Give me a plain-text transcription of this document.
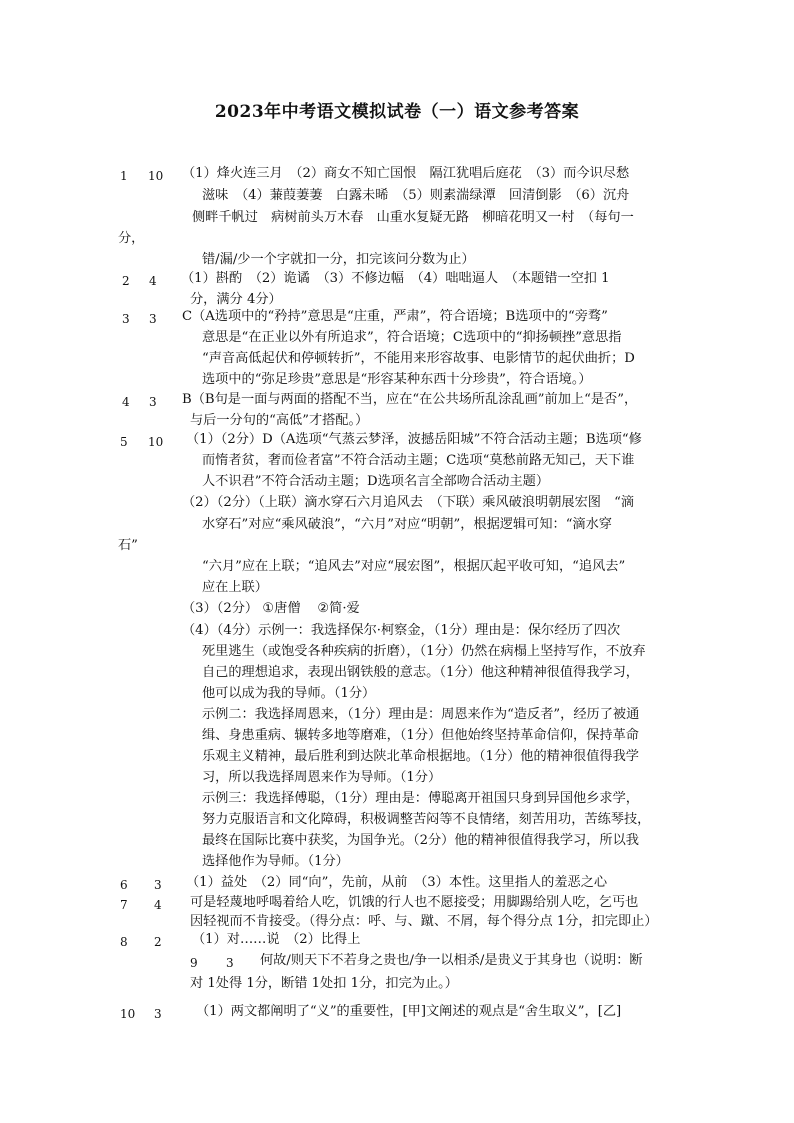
2023年中考语文模拟试卷（一）语文参考答案
1 10 （1）烽火连三月　（2）商女不知亡国恨　隔江犹唱后庭花　（3）而今识尽愁
滋味　（4）蒹葭萋萋　白露未晞　（5）则素湍绿潭　回清倒影　（6）沉舟
侧畔千帆过　病树前头万木春　山重水复疑无路　柳暗花明又一村　（每句一
分，
错/漏/少一个字就扣一分，扣完该问分数为止）
2 4 （1）斟酌　（2）诡谲　（3）不修边幅　（4）咄咄逼人　（本题错一空扣 1
分，满分 4分）
3 3 C（A选项中的“矜持”意思是“庄重，严肃”，符合语境；B选项中的“旁骛”
意思是“在正业以外有所追求”，符合语境；C选项中的“抑扬顿挫”意思指
“声音高低起伏和停顿转折”，不能用来形容故事、电影情节的起伏曲折；D
选项中的“弥足珍贵”意思是“形容某种东西十分珍贵”，符合语境。）
4 3 B（B句是一面与两面的搭配不当，应在“在公共场所乱涂乱画”前加上“是否”，
与后一分句的“高低”才搭配。）
5 10 （1）（2分）D（A选项“气蒸云梦泽，波撼岳阳城”不符合活动主题；B选项“修
而惰者贫，奢而俭者富”不符合活动主题；C选项“莫愁前路无知己，天下谁
人不识君”不符合活动主题；D选项名言全部吻合活动主题）
（2）（2分）（上联）滴水穿石六月追风去　（下联）乘风破浪明朝展宏图　“滴
水穿石”对应“乘风破浪”，“六月”对应“明朝”，根据逻辑可知：“滴水穿
石”
“六月”应在上联；“追风去”对应“展宏图”，根据仄起平收可知，“追风去”
应在上联）
（3）（2分） ①唐僧 ②简·爱
（4）（4分）示例一：我选择保尔·柯察金，（1分）理由是：保尔经历了四次
死里逃生（或饱受各种疾病的折磨），（1分）仍然在病榻上坚持写作，不放弃
自己的理想追求，表现出钢铁般的意志。（1分）他这种精神很值得我学习，
他可以成为我的导师。（1分）
示例二：我选择周恩来，（1分）理由是：周恩来作为“造反者”，经历了被通
缉、身患重病、辗转多地等磨难，（1分）但他始终坚持革命信仰，保持革命
乐观主义精神，最后胜利到达陕北革命根据地。（1分）他的精神很值得我学
习，所以我选择周恩来作为导师。（1分）
示例三：我选择傅聪，（1分）理由是：傅聪离开祖国只身到异国他乡求学，
努力克服语言和文化障碍，积极调整苦闷等不良情绪，刻苦用功，苦练琴技，
最终在国际比赛中获奖，为国争光。（2分）他的精神很值得我学习，所以我
选择他作为导师。（1分）
6 3 （1）益处　（2）同“向”，先前，从前　（3）本性。这里指人的羞恶之心
7 4 可是轻蔑地呼喝着给人吃，饥饿的行人也不愿接受；用脚踢给别人吃，乞丐也
因轻视而不肯接受。（得分点：呼、与、蹴、不屑，每个得分点 1分，扣完即止）
8 2 （1）对……说　（2）比得上
9 3 何故/则天下不若身之贵也/争一以相杀/是贵义于其身也（说明：断
对 1处得 1分，断错 1处扣 1分，扣完为止。）
10 3	（1）两文都阐明了“义”的重要性，[甲]文阐述的观点是“舍生取义”，[乙]
